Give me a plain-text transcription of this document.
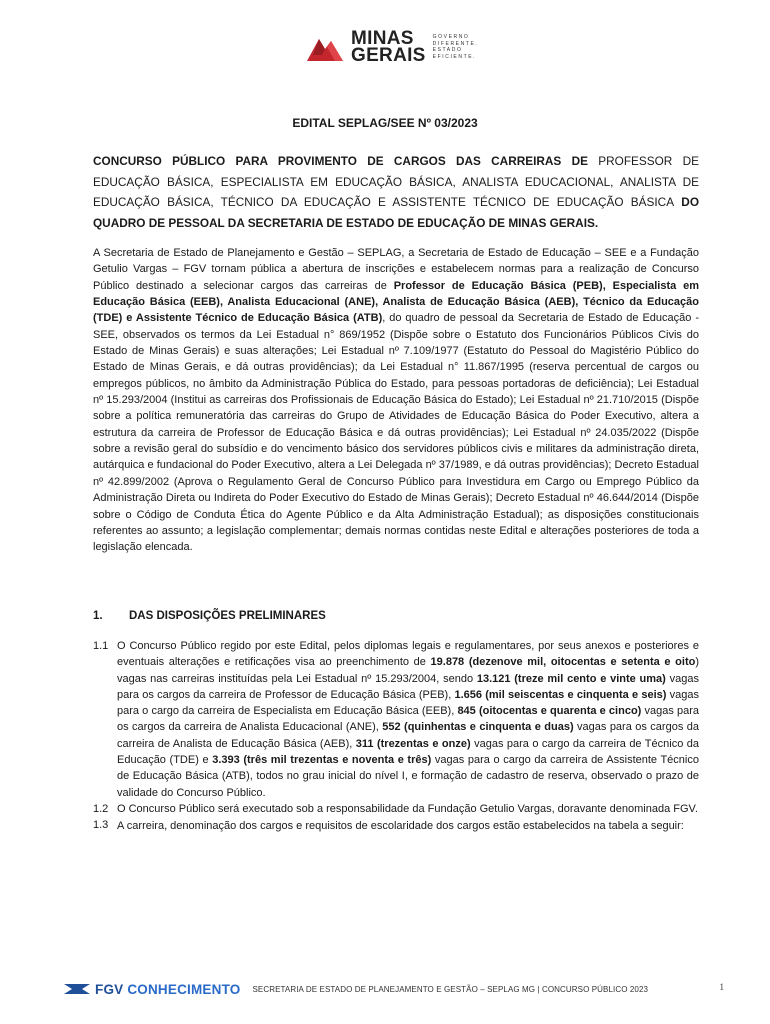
MINAS
GERAIS
GOVERNO
DIFERENTE.
ESTADO
EFICIENTE.
EDITAL SEPLAG/SEE Nº 03/2023
CONCURSO PÚBLICO PARA PROVIMENTO DE CARGOS DAS CARREIRAS DE PROFESSOR DE EDUCAÇÃO BÁSICA, ESPECIALISTA EM EDUCAÇÃO BÁSICA, ANALISTA EDUCACIONAL, ANALISTA DE EDUCAÇÃO BÁSICA, TÉCNICO DA EDUCAÇÃO E ASSISTENTE TÉCNICO DE EDUCAÇÃO BÁSICA DO QUADRO DE PESSOAL DA SECRETARIA DE ESTADO DE EDUCAÇÃO DE MINAS GERAIS.
A Secretaria de Estado de Planejamento e Gestão – SEPLAG, a Secretaria de Estado de Educação – SEE e a Fundação Getulio Vargas – FGV tornam pública a abertura de inscrições e estabelecem normas para a realização de Concurso Público destinado a selecionar cargos das carreiras de Professor de Educação Básica (PEB), Especialista em Educação Básica (EEB), Analista Educacional (ANE), Analista de Educação Básica (AEB), Técnico da Educação (TDE) e Assistente Técnico de Educação Básica (ATB), do quadro de pessoal da Secretaria de Estado de Educação - SEE, observados os termos da Lei Estadual n° 869/1952 (Dispõe sobre o Estatuto dos Funcionários Públicos Civis do Estado de Minas Gerais) e suas alterações; Lei Estadual nº 7.109/1977 (Estatuto do Pessoal do Magistério Público do Estado de Minas Gerais, e dá outras providências); da Lei Estadual n° 11.867/1995 (reserva percentual de cargos ou empregos públicos, no âmbito da Administração Pública do Estado, para pessoas portadoras de deficiência); Lei Estadual nº 15.293/2004 (Institui as carreiras dos Profissionais de Educação Básica do Estado); Lei Estadual nº 21.710/2015 (Dispõe sobre a política remuneratória das carreiras do Grupo de Atividades de Educação Básica do Poder Executivo, altera a estrutura da carreira de Professor de Educação Básica e dá outras providências); Lei Estadual nº 24.035/2022 (Dispõe sobre a revisão geral do subsídio e do vencimento básico dos servidores públicos civis e militares da administração direta, autárquica e fundacional do Poder Executivo, altera a Lei Delegada nº 37/1989, e dá outras providências); Decreto Estadual nº 42.899/2002 (Aprova o Regulamento Geral de Concurso Público para Investidura em Cargo ou Emprego Público da Administração Direta ou Indireta do Poder Executivo do Estado de Minas Gerais); Decreto Estadual nº 46.644/2014 (Dispõe sobre o Código de Conduta Ética do Agente Público e da Alta Administração Estadual); as disposições constitucionais referentes ao assunto; a legislação complementar; demais normas contidas neste Edital e alterações posteriores de toda a legislação elencada.
1. DAS DISPOSIÇÕES PRELIMINARES
1.1 O Concurso Público regido por este Edital, pelos diplomas legais e regulamentares, por seus anexos e posteriores e eventuais alterações e retificações visa ao preenchimento de 19.878 (dezenove mil, oitocentas e setenta e oito) vagas nas carreiras instituídas pela Lei Estadual nº 15.293/2004, sendo 13.121 (treze mil cento e vinte uma) vagas para os cargos da carreira de Professor de Educação Básica (PEB), 1.656 (mil seiscentas e cinquenta e seis) vagas para o cargo da carreira de Especialista em Educação Básica (EEB), 845 (oitocentas e quarenta e cinco) vagas para os cargos da carreira de Analista Educacional (ANE), 552 (quinhentas e cinquenta e duas) vagas para os cargos da carreira de Analista de Educação Básica (AEB), 311 (trezentas e onze) vagas para o cargo da carreira de Técnico da Educação (TDE) e 3.393 (três mil trezentas e noventa e três) vagas para o cargo da carreira de Assistente Técnico de Educação Básica (ATB), todos no grau inicial do nível I, e formação de cadastro de reserva, observado o prazo de validade do Concurso Público.
1.2 O Concurso Público será executado sob a responsabilidade da Fundação Getulio Vargas, doravante denominada FGV.
1.3 A carreira, denominação dos cargos e requisitos de escolaridade dos cargos estão estabelecidos na tabela a seguir:
FGV CONHECIMENTO SECRETARIA DE ESTADO DE PLANEJAMENTO E GESTÃO – SEPLAG MG | CONCURSO PÚBLICO 2023	1
